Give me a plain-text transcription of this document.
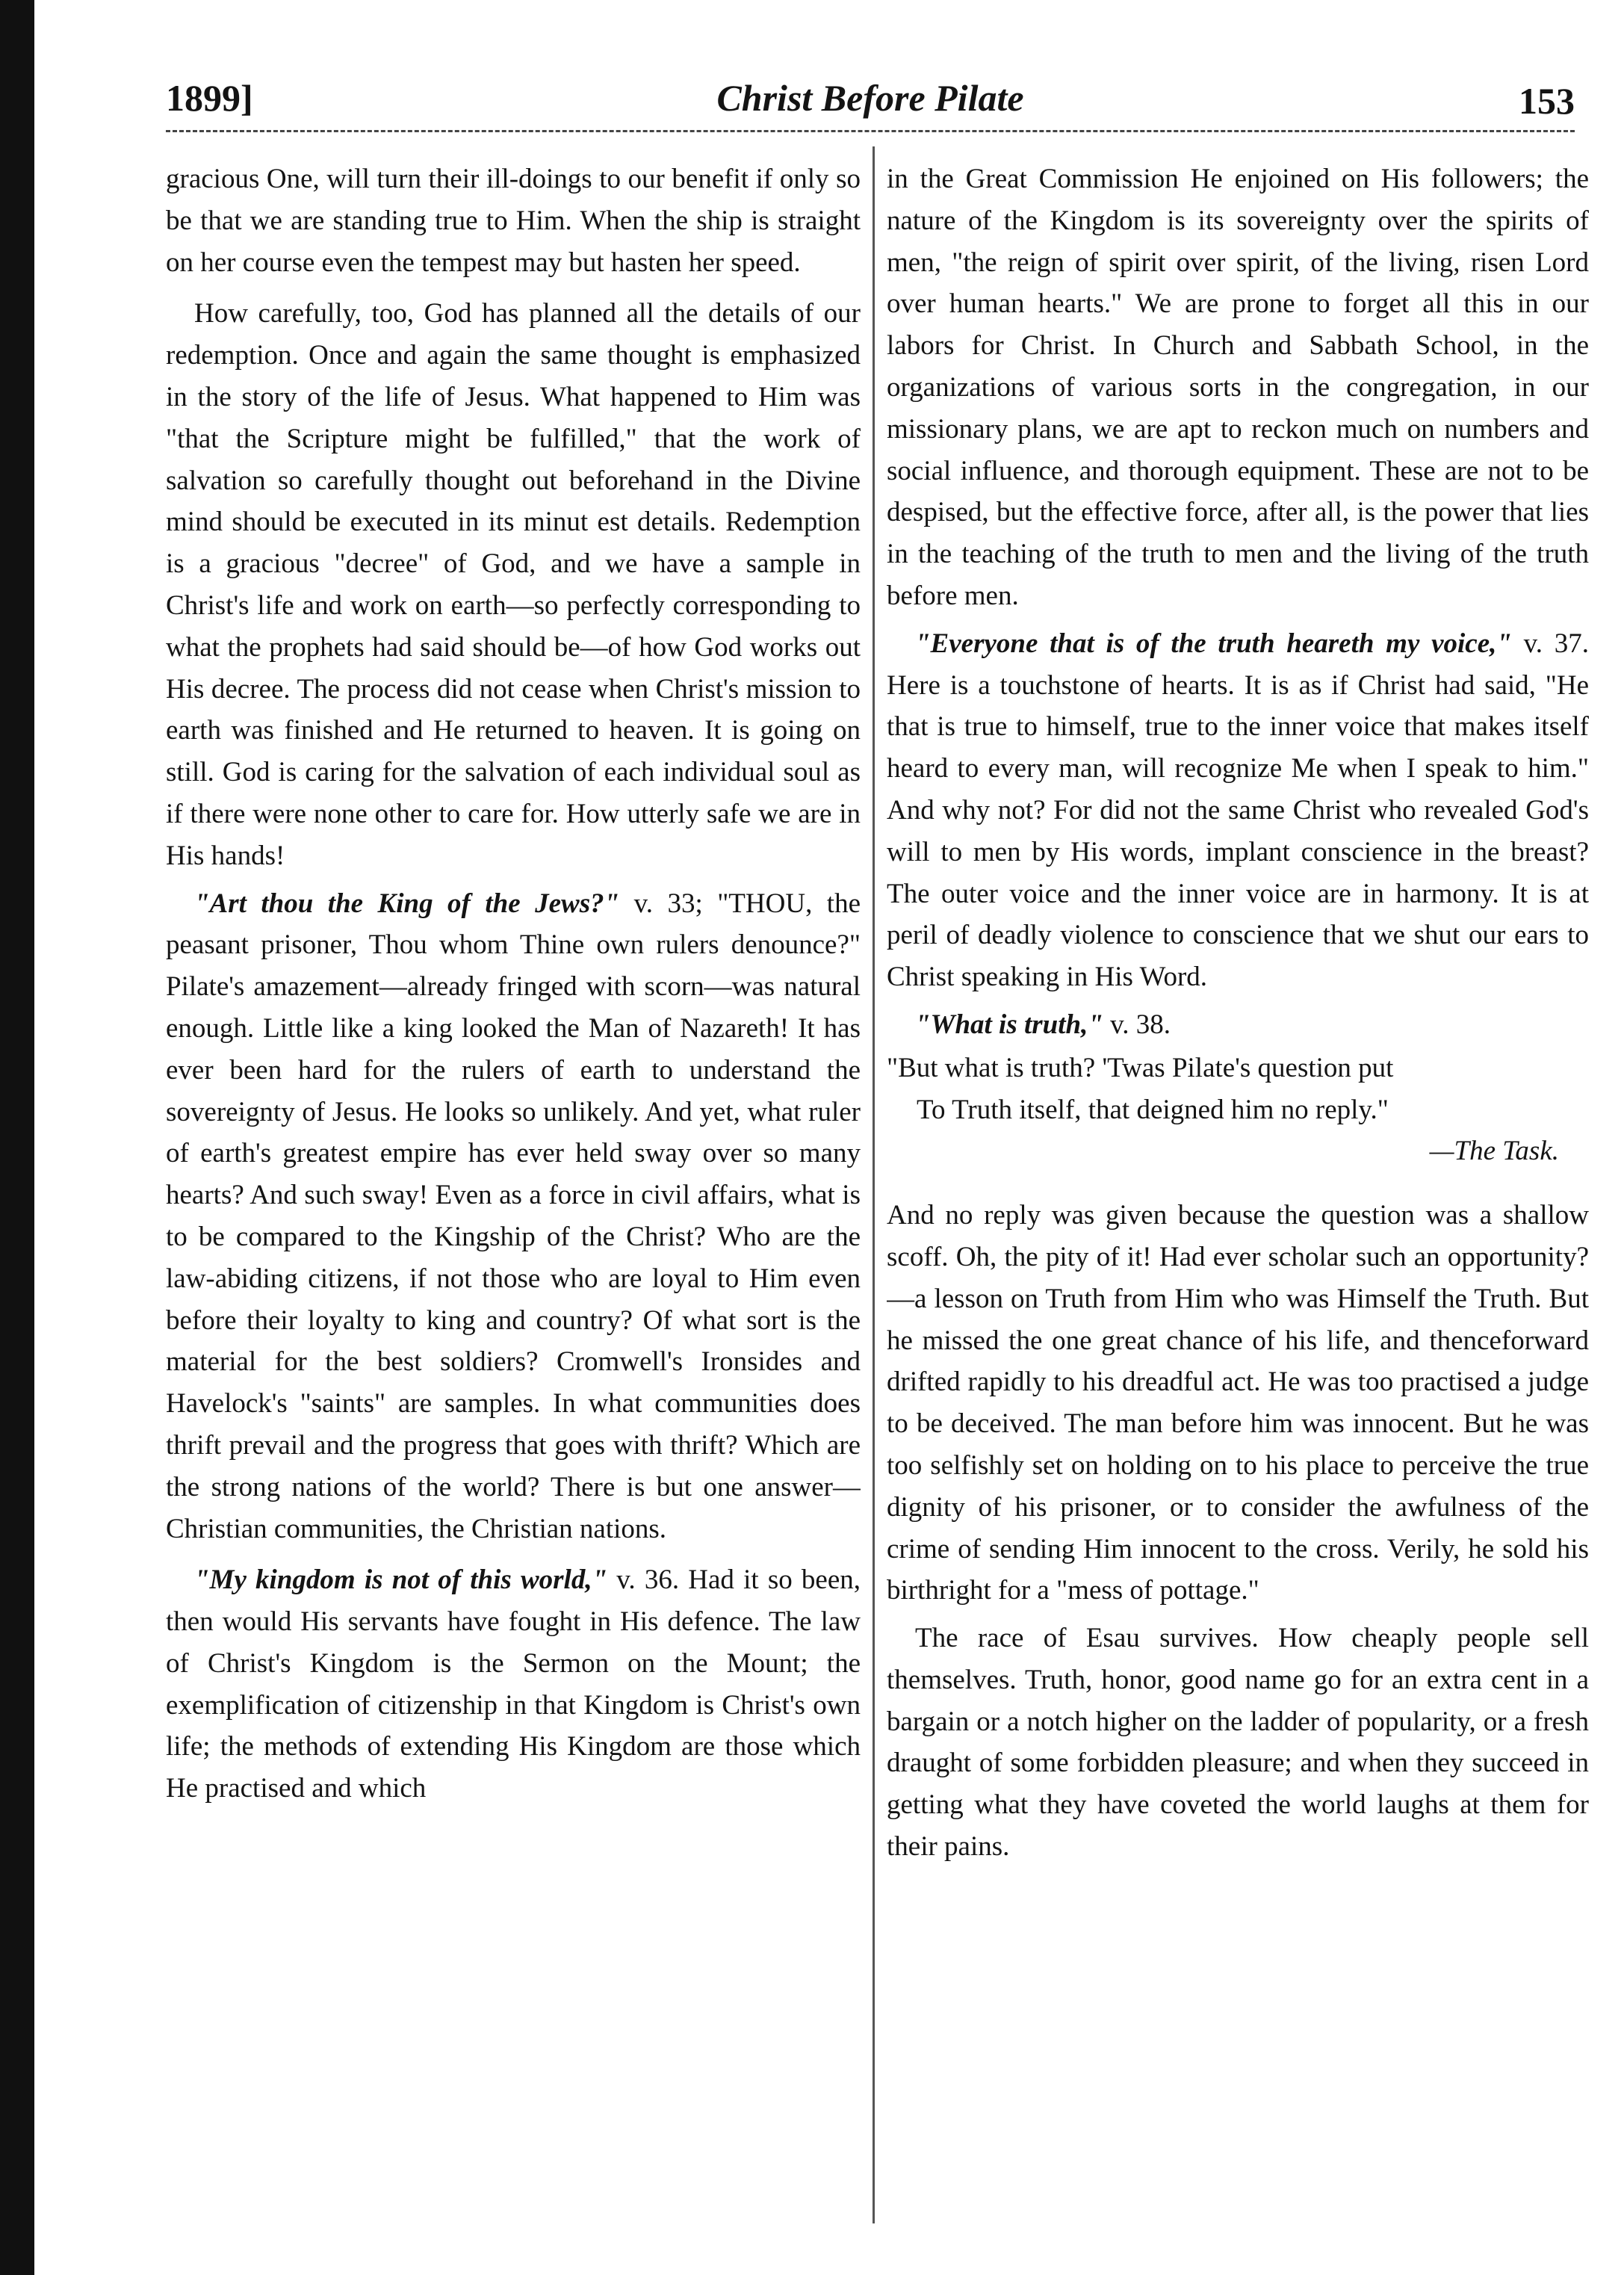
1899]	Christ Before Pilate	153

gracious One, will turn their ill-doings to our benefit if only so be that we are standing true to Him. When the ship is straight on her course even the tempest may but hasten her speed.

How carefully, too, God has planned all the details of our redemption. Once and again the same thought is emphasized in the story of the life of Jesus. What happened to Him was "that the Scripture might be fulfilled," that the work of salvation so carefully thought out beforehand in the Divine mind should be executed in its minut est details. Redemption is a gracious "decree" of God, and we have a sample in Christ's life and work on earth—so perfectly corresponding to what the prophets had said should be—of how God works out His decree. The process did not cease when Christ's mission to earth was finished and He returned to heaven. It is going on still. God is caring for the salvation of each individual soul as if there were none other to care for. How utterly safe we are in His hands!

"Art thou the King of the Jews?" v. 33; "THOU, the peasant prisoner, Thou whom Thine own rulers denounce?" Pilate's amazement—already fringed with scorn—was natural enough. Little like a king looked the Man of Nazareth! It has ever been hard for the rulers of earth to understand the sovereignty of Jesus. He looks so unlikely. And yet, what ruler of earth's greatest empire has ever held sway over so many hearts? And such sway! Even as a force in civil affairs, what is to be compared to the Kingship of the Christ? Who are the law-abiding citizens, if not those who are loyal to Him even before their loyalty to king and country? Of what sort is the material for the best soldiers? Cromwell's Ironsides and Havelock's "saints" are samples. In what communities does thrift prevail and the progress that goes with thrift? Which are the strong nations of the world? There is but one answer—Christian communities, the Christian nations.

"My kingdom is not of this world," v. 36. Had it so been, then would His servants have fought in His defence. The law of Christ's Kingdom is the Sermon on the Mount; the exemplification of citizenship in that Kingdom is Christ's own life; the methods of extending His Kingdom are those which He practised and which

in the Great Commission He enjoined on His followers; the nature of the Kingdom is its sovereignty over the spirits of men, "the reign of spirit over spirit, of the living, risen Lord over human hearts." We are prone to forget all this in our labors for Christ. In Church and Sabbath School, in the organizations of various sorts in the congregation, in our missionary plans, we are apt to reckon much on numbers and social influence, and thorough equipment. These are not to be despised, but the effective force, after all, is the power that lies in the teaching of the truth to men and the living of the truth before men.

"Everyone that is of the truth heareth my voice," v. 37. Here is a touchstone of hearts. It is as if Christ had said, "He that is true to himself, true to the inner voice that makes itself heard to every man, will recognize Me when I speak to him." And why not? For did not the same Christ who revealed God's will to men by His words, implant conscience in the breast? The outer voice and the inner voice are in harmony. It is at peril of deadly violence to conscience that we shut our ears to Christ speaking in His Word.

"What is truth," v. 38.

"But what is truth? 'Twas Pilate's question put
To Truth itself, that deigned him no reply."
—The Task.

And no reply was given because the question was a shallow scoff. Oh, the pity of it! Had ever scholar such an opportunity?—a lesson on Truth from Him who was Himself the Truth. But he missed the one great chance of his life, and thenceforward drifted rapidly to his dreadful act. He was too practised a judge to be deceived. The man before him was innocent. But he was too selfishly set on holding on to his place to perceive the true dignity of his prisoner, or to consider the awfulness of the crime of sending Him innocent to the cross. Verily, he sold his birthright for a "mess of pottage."

The race of Esau survives. How cheaply people sell themselves. Truth, honor, good name go for an extra cent in a bargain or a notch higher on the ladder of popularity, or a fresh draught of some forbidden pleasure; and when they succeed in getting what they have coveted the world laughs at them for their pains.
